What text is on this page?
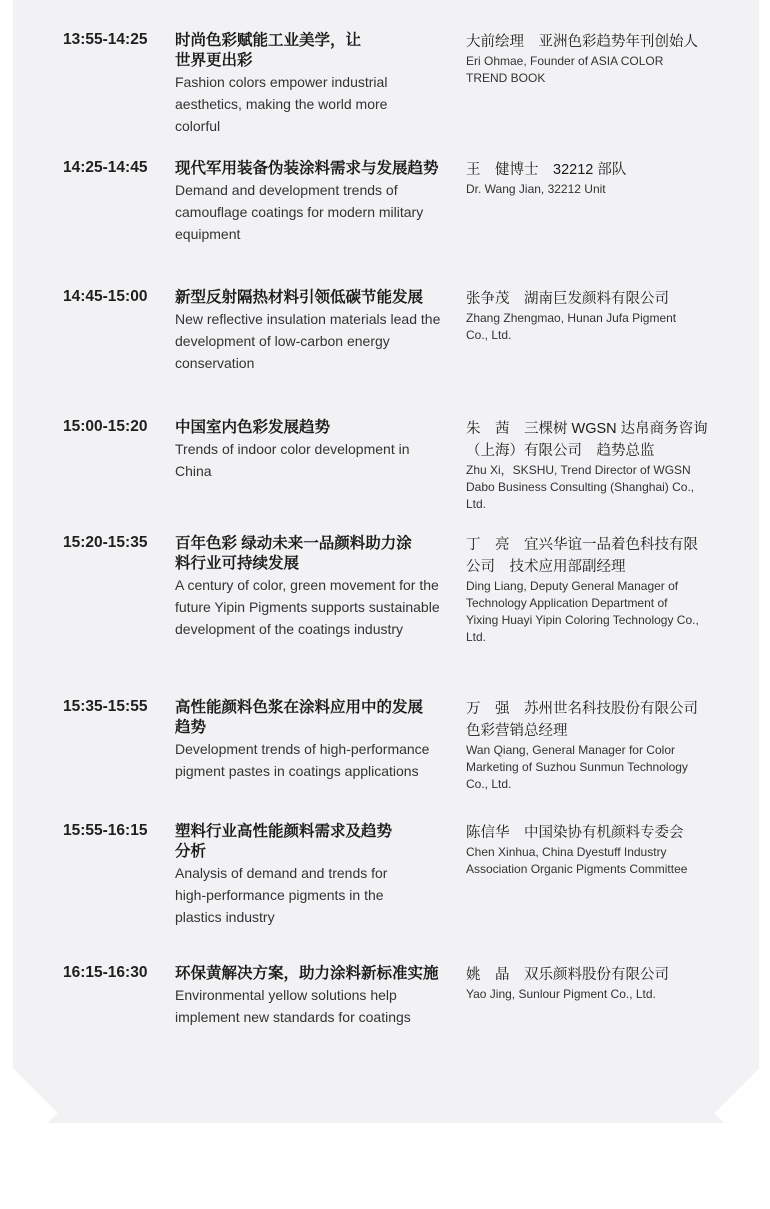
13:55-14:25 时尚色彩赋能工业美学，让世界更出彩
Fashion colors empower industrial aesthetics, making the world more colorful
大前绘理　亚洲色彩趋势年刊创始人
Eri Ohmae, Founder of ASIA COLOR TREND BOOK
14:25-14:45 现代军用装备伪装涂料需求与发展趋势
Demand and development trends of camouflage coatings for modern military equipment
王　健博士　32212 部队
Dr. Wang Jian, 32212 Unit
14:45-15:00 新型反射隔热材料引领低碳节能发展
New reflective insulation materials lead the development of low-carbon energy conservation
张争茂　湖南巨发颜料有限公司
Zhang Zhengmao, Hunan Jufa Pigment Co., Ltd.
15:00-15:20 中国室内色彩发展趋势
Trends of indoor color development in China
朱　茜　三棵树 WGSN 达帛商务咨询（上海）有限公司　趋势总监
Zhu Xi，SKSHU, Trend Director of WGSN Dabo Business Consulting (Shanghai) Co., Ltd.
15:20-15:35 百年色彩 绿动未来一品颜料助力涂料行业可持续发展
A century of color, green movement for the future Yipin Pigments supports sustainable development of the coatings industry
丁　亮　宜兴华谊一品着色科技有限公司　技术应用部副经理
Ding Liang, Deputy General Manager of Technology Application Department of Yixing Huayi Yipin Coloring Technology Co., Ltd.
15:35-15:55 高性能颜料色浆在涂料应用中的发展趋势
Development trends of high-performance pigment pastes in coatings applications
万　强　苏州世名科技股份有限公司色彩营销总经理
Wan Qiang, General Manager for Color Marketing of Suzhou Sunmun Technology Co., Ltd.
15:55-16:15 塑料行业高性能颜料需求及趋势分析
Analysis of demand and trends for high-performance pigments in the plastics industry
陈信华　中国染协有机颜料专委会
Chen Xinhua, China Dyestuff Industry Association Organic Pigments Committee
16:15-16:30 环保黄解决方案，助力涂料新标准实施
Environmental yellow solutions help implement new standards for coatings
姚　晶　双乐颜料股份有限公司
Yao Jing, Sunlour Pigment Co., Ltd.
